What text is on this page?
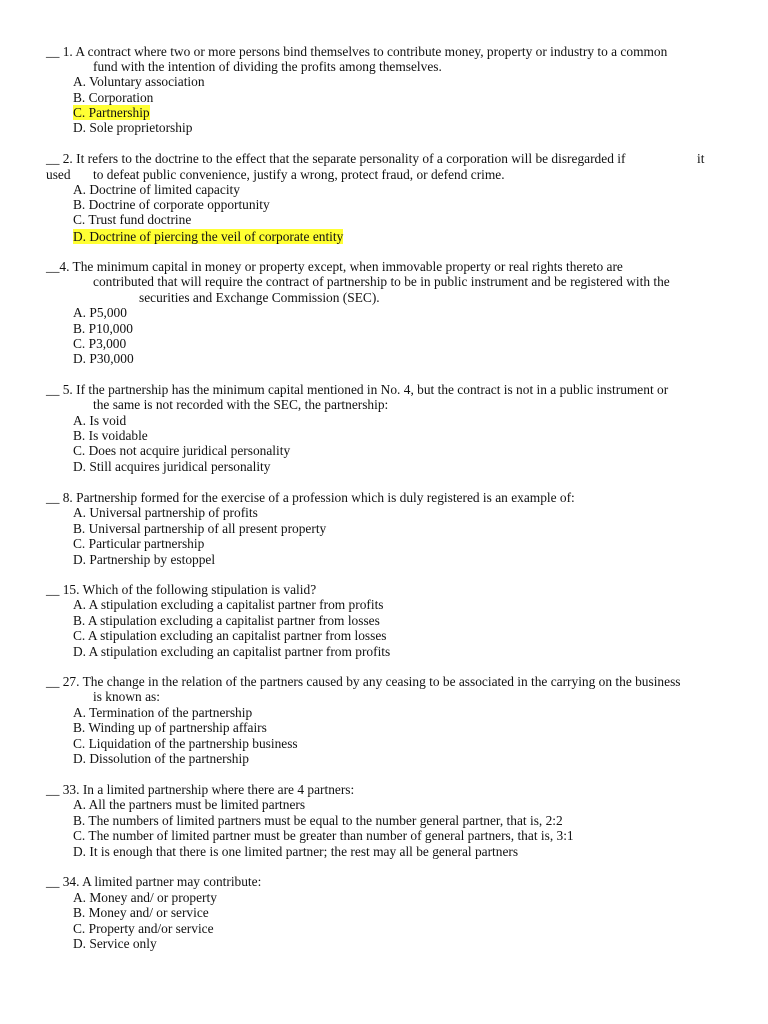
__ 1. A contract where two or more persons bind themselves to contribute money, property or industry to a common
fund with the intention of dividing the profits among themselves.
A. Voluntary association
B. Corporation
C. Partnership
D. Sole proprietorship
__ 2. It refers to the doctrine to the effect that the separate personality of a corporation will be disregarded if
used to defeat public convenience, justify a wrong, protect fraud, or defend crime.
it
A. Doctrine of limited capacity
B. Doctrine of corporate opportunity
C. Trust fund doctrine
D. Doctrine of piercing the veil of corporate entity
__4. The minimum capital in money or property except, when immovable property or real rights thereto are
contributed that will require the contract of partnership to be in public instrument and be registered with the
securities and Exchange Commission (SEC).
A. P5,000
B. P10,000
C. P3,000
D. P30,000
__ 5. If the partnership has the minimum capital mentioned in No. 4, but the contract is not in a public instrument or
the same is not recorded with the SEC, the partnership:
A. Is void
B. Is voidable
C. Does not acquire juridical personality
D. Still acquires juridical personality
__ 8. Partnership formed for the exercise of a profession which is duly registered is an example of:
A. Universal partnership of profits
B. Universal partnership of all present property
C. Particular partnership
D. Partnership by estoppel
__ 15. Which of the following stipulation is valid?
A. A stipulation excluding a capitalist partner from profits
B. A stipulation excluding a capitalist partner from losses
C. A stipulation excluding an capitalist partner from losses
D. A stipulation excluding an capitalist partner from profits
__ 27. The change in the relation of the partners caused by any ceasing to be associated in the carrying on the business
is known as:
A. Termination of the partnership
B. Winding up of partnership affairs
C. Liquidation of the partnership business
D. Dissolution of the partnership
__ 33. In a limited partnership where there are 4 partners:
A. All the partners must be limited partners
B. The numbers of limited partners must be equal to the number general partner, that is, 2:2
C. The number of limited partner must be greater than number of general partners, that is, 3:1
D. It is enough that there is one limited partner; the rest may all be general partners
__ 34. A limited partner may contribute:
A. Money and/ or property
B. Money and/ or service
C. Property and/or service
D. Service only
